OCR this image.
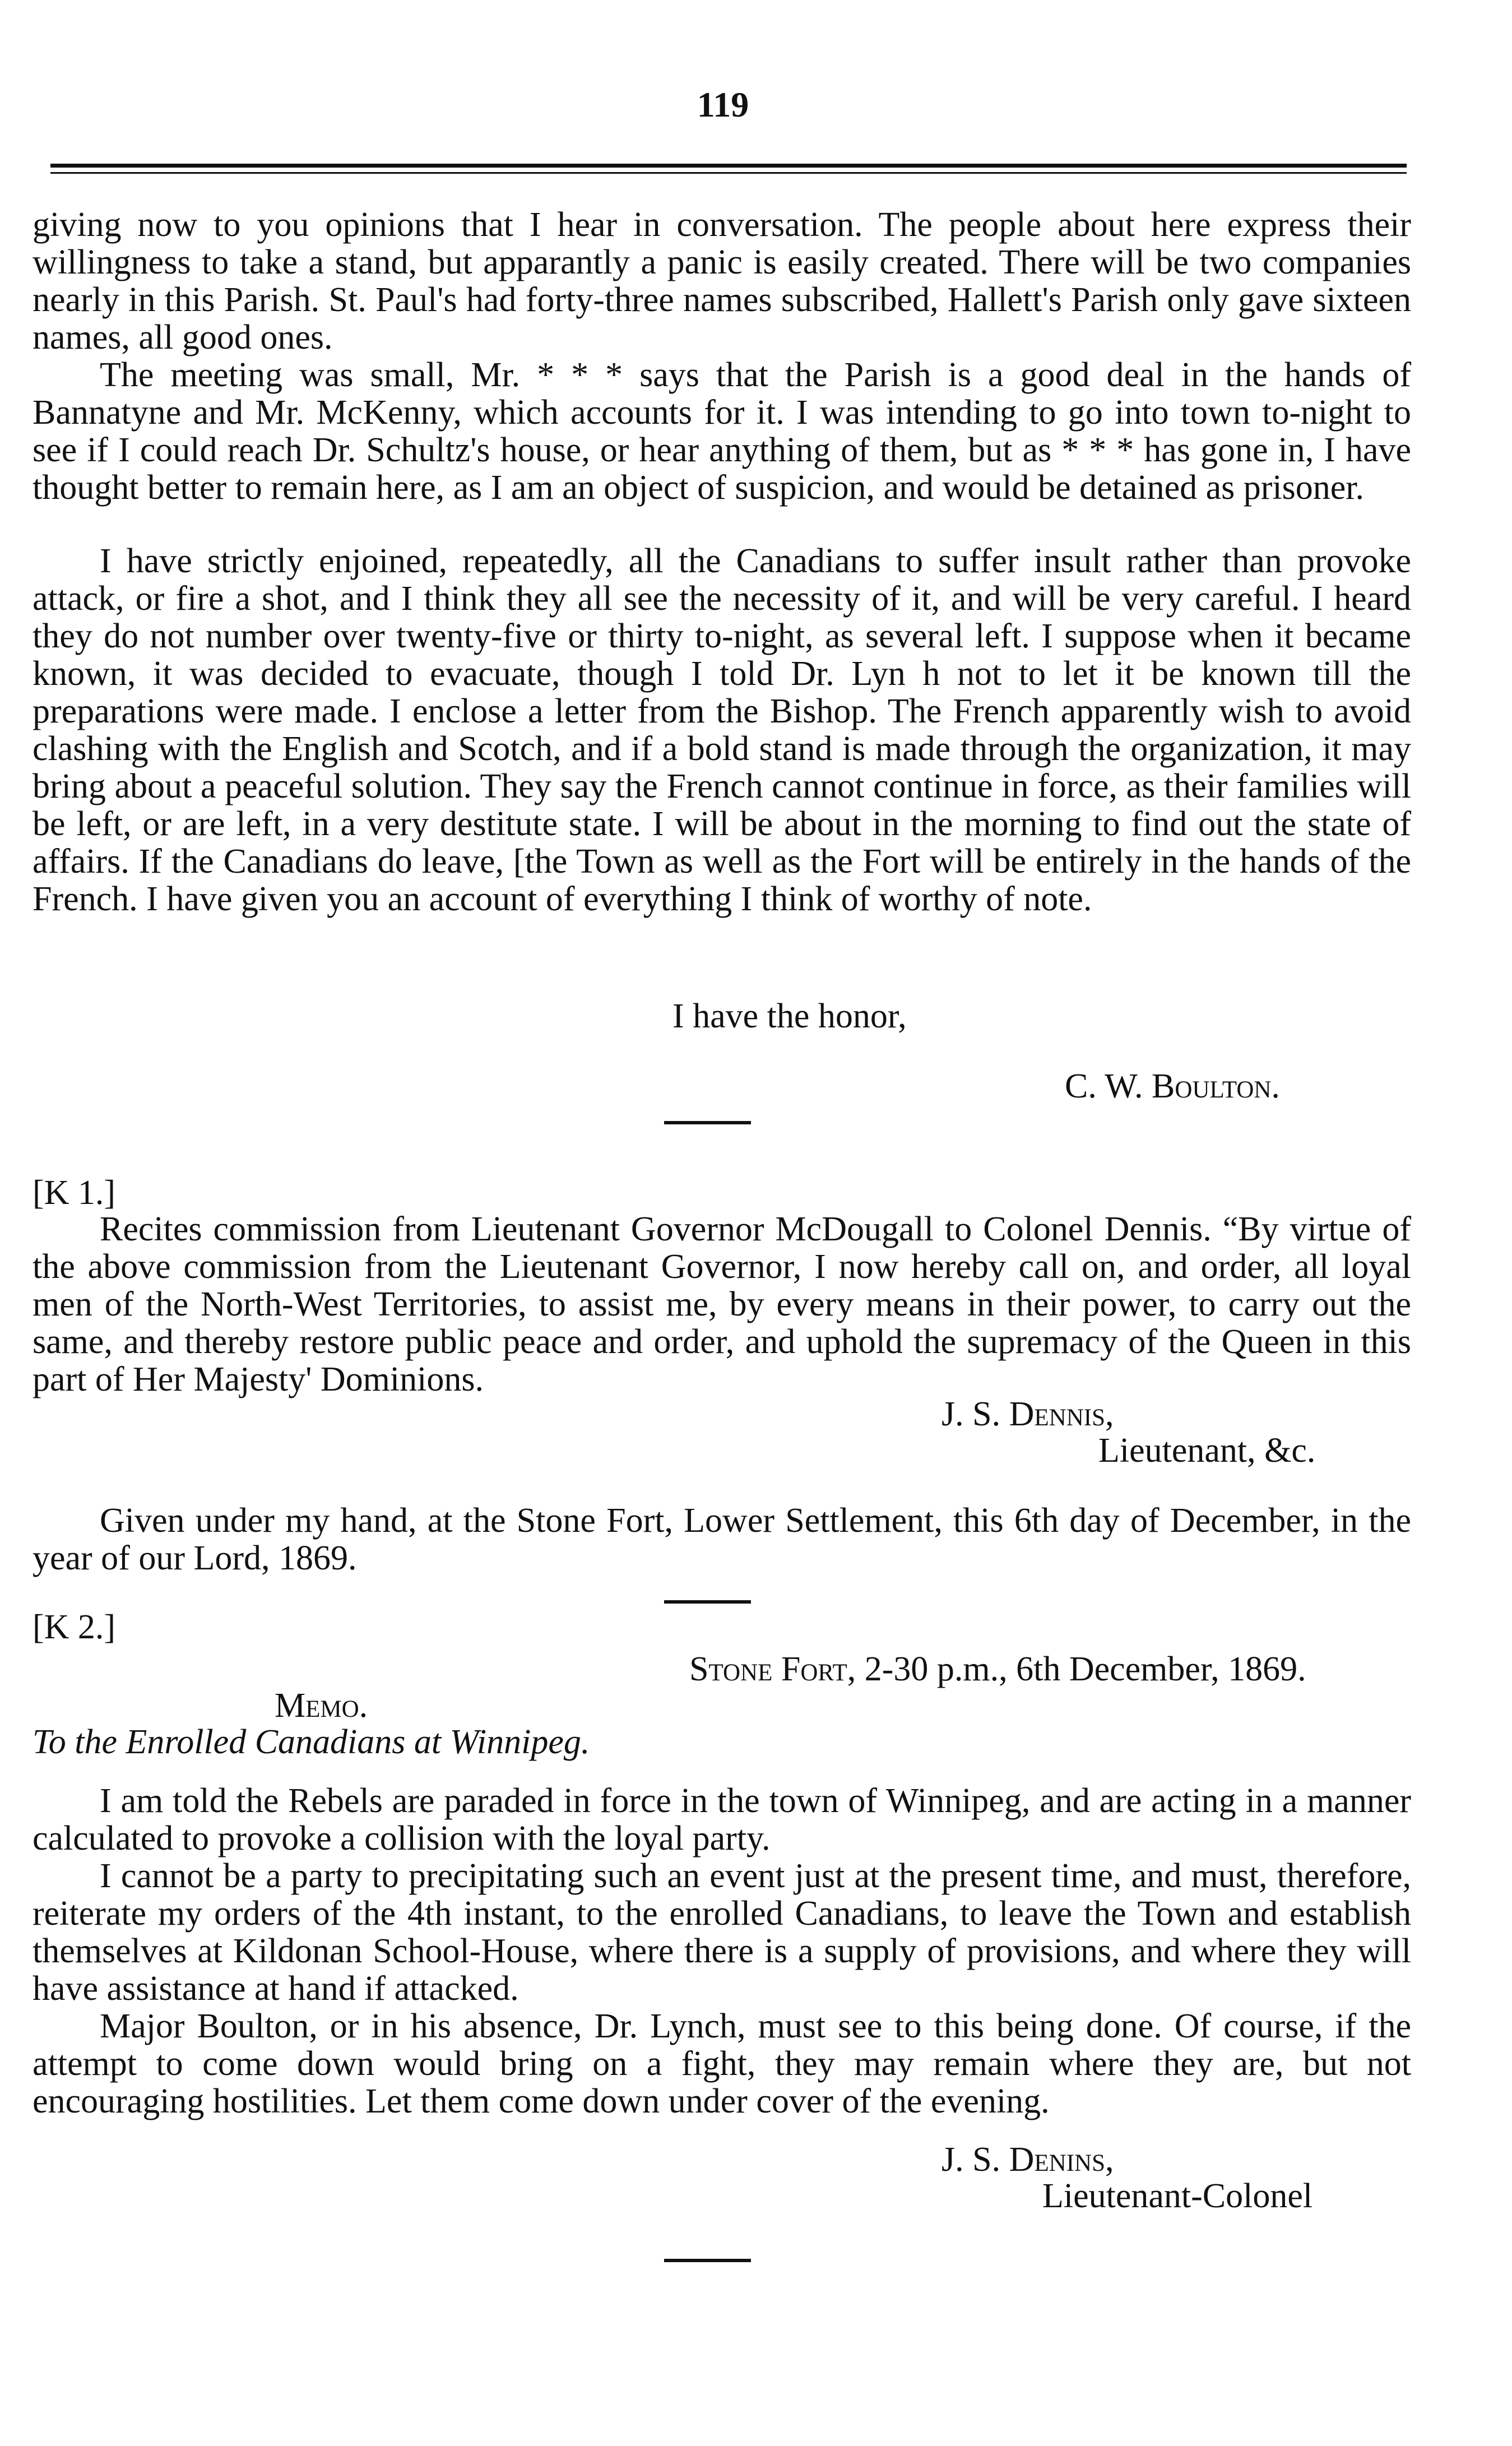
119

giving now to you opinions that I hear in conversation. The people about here express their willingness to take a stand, but apparantly a panic is easily created. There will be two companies nearly in this Parish. St. Paul's had forty-three names subscribed, Hallett's Parish only gave sixteen names, all good ones.

The meeting was small, Mr. * * * says that the Parish is a good deal in the hands of Bannatyne and Mr. McKenny, which accounts for it. I was intending to go into town to-night to see if I could reach Dr. Schultz's house, or hear anything of them, but as * * * has gone in, I have thought better to remain here, as I am an object of suspicion, and would be detained as prisoner.

I have strictly enjoined, repeatedly, all the Canadians to suffer insult rather than provoke attack, or fire a shot, and I think they all see the necessity of it, and will be very careful. I heard they do not number over twenty-five or thirty to-night, as several left. I suppose when it became known, it was decided to evacuate, though I told Dr. Lyn h not to let it be known till the preparations were made. I enclose a letter from the Bishop. The French apparently wish to avoid clashing with the English and Scotch, and if a bold stand is made through the organization, it may bring about a peaceful solution. They say the French cannot continue in force, as their families will be left, or are left, in a very destitute state. I will be about in the morning to find out the state of affairs. If the Canadians do leave, [the Town as well as the Fort will be entirely in the hands of the French. I have given you an account of everything I think of worthy of note.

I have the honor,
C. W. Boulton.
[K 1.]

Recites commission from Lieutenant Governor McDougall to Colonel Dennis. “By virtue of the above commission from the Lieutenant Governor, I now hereby call on, and order, all loyal men of the North-West Territories, to assist me, by every means in their power, to carry out the same, and thereby restore public peace and order, and uphold the supremacy of the Queen in this part of Her Majesty' Dominions.

J. S. Dennis,
Lieutenant, &c.

Given under my hand, at the Stone Fort, Lower Settlement, this 6th day of December, in the year of our Lord, 1869.

[K 2.]
Stone Fort, 2-30 p.m., 6th December, 1869.
Memo.
To the Enrolled Canadians at Winnipeg.

I am told the Rebels are paraded in force in the town of Winnipeg, and are acting in a manner calculated to provoke a collision with the loyal party.

I cannot be a party to precipitating such an event just at the present time, and must, therefore, reiterate my orders of the 4th instant, to the enrolled Canadians, to leave the Town and establish themselves at Kildonan School-House, where there is a supply of provisions, and where they will have assistance at hand if attacked.

Major Boulton, or in his absence, Dr. Lynch, must see to this being done. Of course, if the attempt to come down would bring on a fight, they may remain where they are, but not encouraging hostilities. Let them come down under cover of the evening.

J. S. Denins,
Lieutenant-Colonel
